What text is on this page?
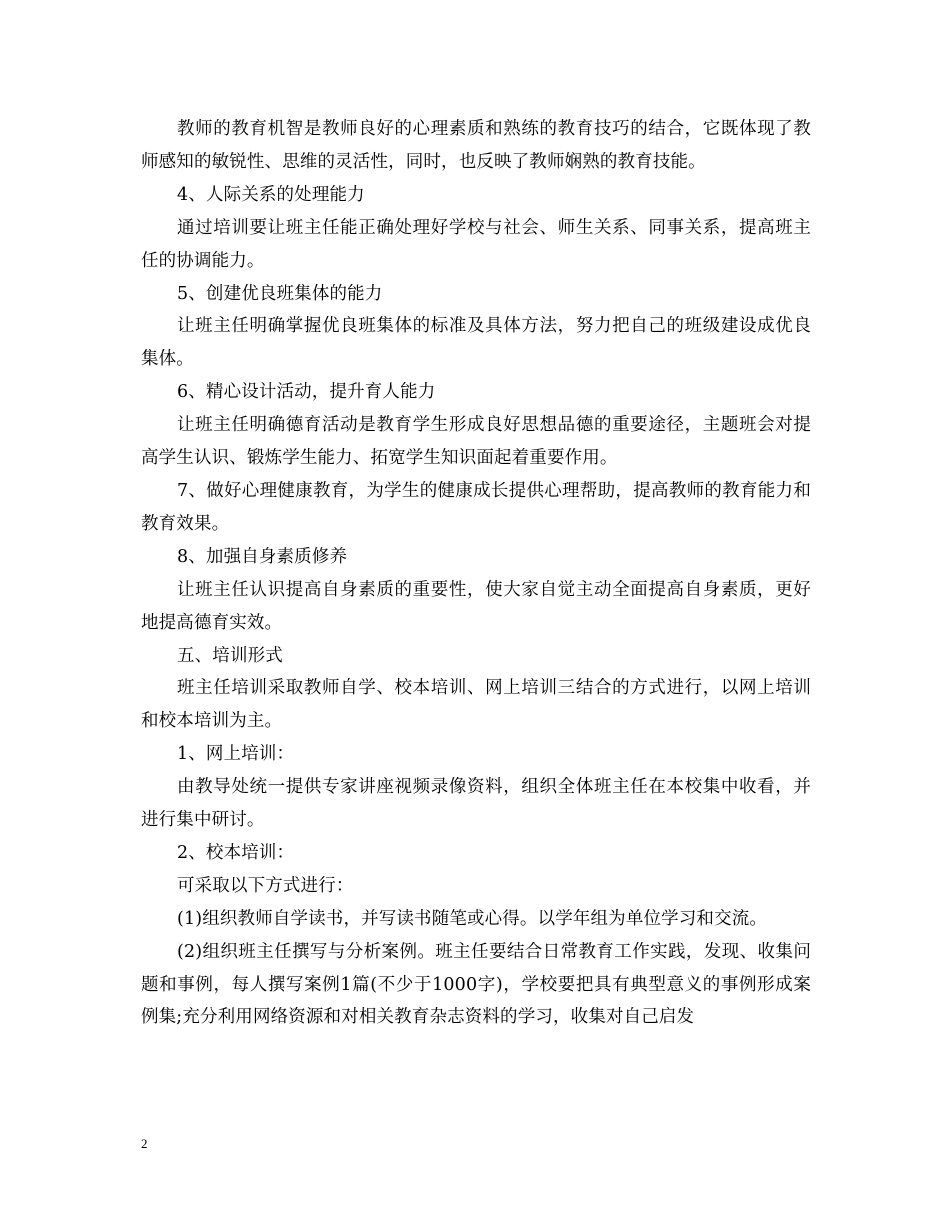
教师的教育机智是教师良好的心理素质和熟练的教育技巧的结合，它既体现了教师感知的敏锐性、思维的灵活性，同时，也反映了教师娴熟的教育技能。

4、人际关系的处理能力

通过培训要让班主任能正确处理好学校与社会、师生关系、同事关系，提高班主任的协调能力。

5、创建优良班集体的能力

让班主任明确掌握优良班集体的标准及具体方法，努力把自己的班级建设成优良集体。

6、精心设计活动，提升育人能力

让班主任明确德育活动是教育学生形成良好思想品德的重要途径，主题班会对提高学生认识、锻炼学生能力、拓宽学生知识面起着重要作用。

7、做好心理健康教育，为学生的健康成长提供心理帮助，提高教师的教育能力和教育效果。

8、加强自身素质修养

让班主任认识提高自身素质的重要性，使大家自觉主动全面提高自身素质，更好地提高德育实效。

五、培训形式

班主任培训采取教师自学、校本培训、网上培训三结合的方式进行，以网上培训和校本培训为主。

1、网上培训：

由教导处统一提供专家讲座视频录像资料，组织全体班主任在本校集中收看，并进行集中研讨。

2、校本培训：

可采取以下方式进行：

(1)组织教师自学读书，并写读书随笔或心得。以学年组为单位学习和交流。

(2)组织班主任撰写与分析案例。班主任要结合日常教育工作实践，发现、收集问题和事例，每人撰写案例1篇(不少于1000字)，学校要把具有典型意义的事例形成案例集;充分利用网络资源和对相关教育杂志资料的学习，收集对自己启发

2
